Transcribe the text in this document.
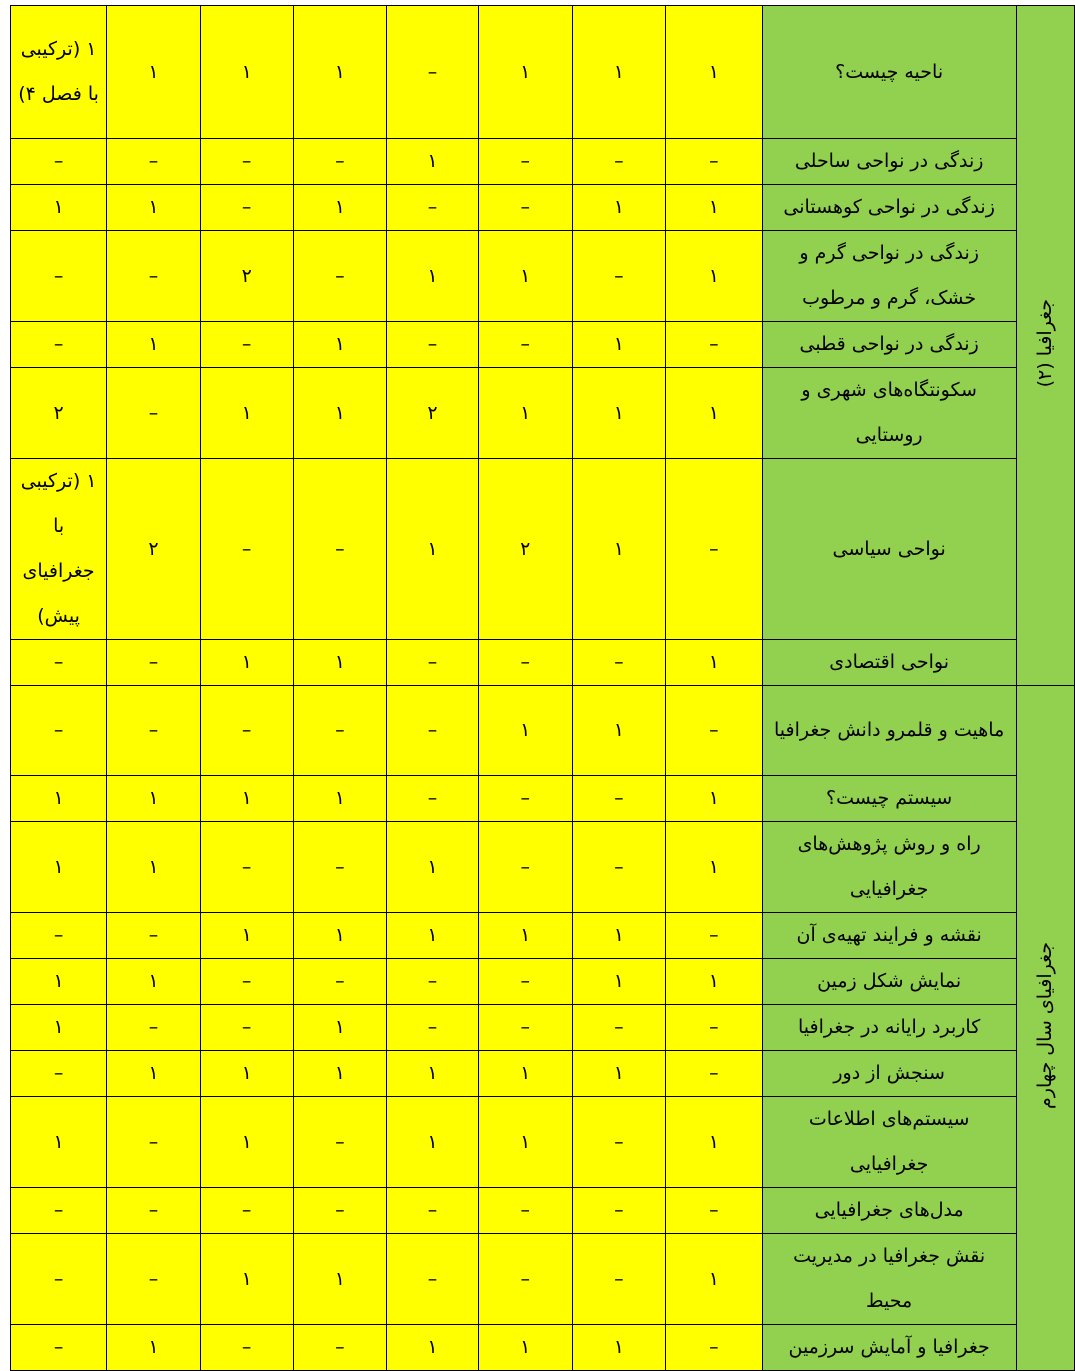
جغرافیا (۲)	ناحیه چیست؟	۱	۱	۱	–	۱	۱	۱	۱ (ترکیبی با فصل ۴)
	زندگی در نواحی ساحلی	–	–	–	۱	–	–	–	–
	زندگی در نواحی کوهستانی	۱	۱	–	–	۱	–	۱	۱
	زندگی در نواحی گرم و خشک، گرم و مرطوب	۱	–	۱	۱	–	۲	–	–
	زندگی در نواحی قطبی	–	۱	–	–	۱	–	۱	–
	سکونتگاه‌های شهری و روستایی	۱	۱	۱	۲	۱	۱	–	۲
	نواحی سیاسی	–	۱	۲	۱	–	–	۲	۱ (ترکیبی با جغرافیای پیش)
	نواحی اقتصادی	۱	–	–	–	۱	۱	–	–
جغرافیای سال چهارم	ماهیت و قلمرو دانش جغرافیا	–	۱	۱	–	–	–	–	–
	سیستم چیست؟	۱	–	–	–	۱	۱	۱	۱
	راه و روش پژوهش‌های جغرافیایی	۱	–	–	۱	–	–	۱	۱
	نقشه و فرایند تهیه‌ی آن	–	۱	۱	۱	۱	۱	–	–
	نمایش شکل زمین	۱	۱	–	–	–	–	۱	۱
	کاربرد رایانه در جغرافیا	–	–	–	–	۱	–	–	۱
	سنجش از دور	–	۱	۱	۱	۱	۱	۱	–
	سیستم‌های اطلاعات جغرافیایی	۱	–	۱	۱	–	۱	–	۱
	مدل‌های جغرافیایی	–	–	–	–	–	–	–	–
	نقش جغرافیا در مدیریت محیط	۱	–	–	–	۱	۱	–	–
	جغرافیا و آمایش سرزمین	–	۱	۱	۱	–	–	۱	–
